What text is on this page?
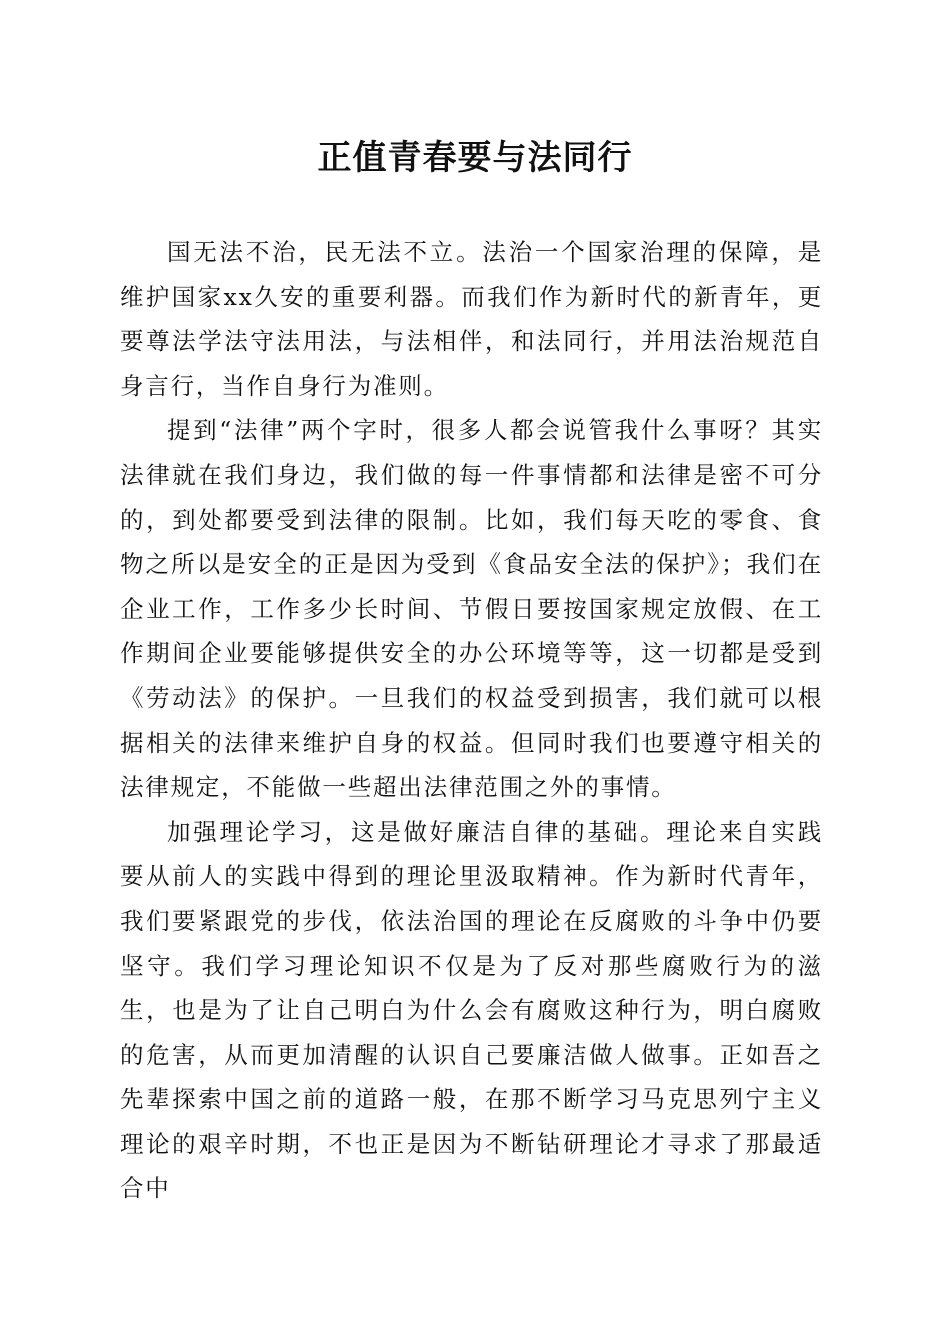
正值青春要与法同行

国无法不治，民无法不立。法治一个国家治理的保障，是维护国家xx久安的重要利器。而我们作为新时代的新青年，更要尊法学法守法用法，与法相伴，和法同行，并用法治规范自身言行，当作自身行为准则。

提到“法律”两个字时，很多人都会说管我什么事呀？其实法律就在我们身边，我们做的每一件事情都和法律是密不可分的，到处都要受到法律的限制。比如，我们每天吃的零食、食物之所以是安全的正是因为受到《食品安全法的保护》；我们在企业工作，工作多少长时间、节假日要按国家规定放假、在工作期间企业要能够提供安全的办公环境等等，这一切都是受到《劳动法》的保护。一旦我们的权益受到损害，我们就可以根据相关的法律来维护自身的权益。但同时我们也要遵守相关的法律规定，不能做一些超出法律范围之外的事情。

加强理论学习，这是做好廉洁自律的基础。理论来自实践要从前人的实践中得到的理论里汲取精神。作为新时代青年，我们要紧跟党的步伐，依法治国的理论在反腐败的斗争中仍要坚守。我们学习理论知识不仅是为了反对那些腐败行为的滋生，也是为了让自己明白为什么会有腐败这种行为，明白腐败的危害，从而更加清醒的认识自己要廉洁做人做事。正如吾之先辈探索中国之前的道路一般，在那不断学习马克思列宁主义理论的艰辛时期，不也正是因为不断钻研理论才寻求了那最适合中
